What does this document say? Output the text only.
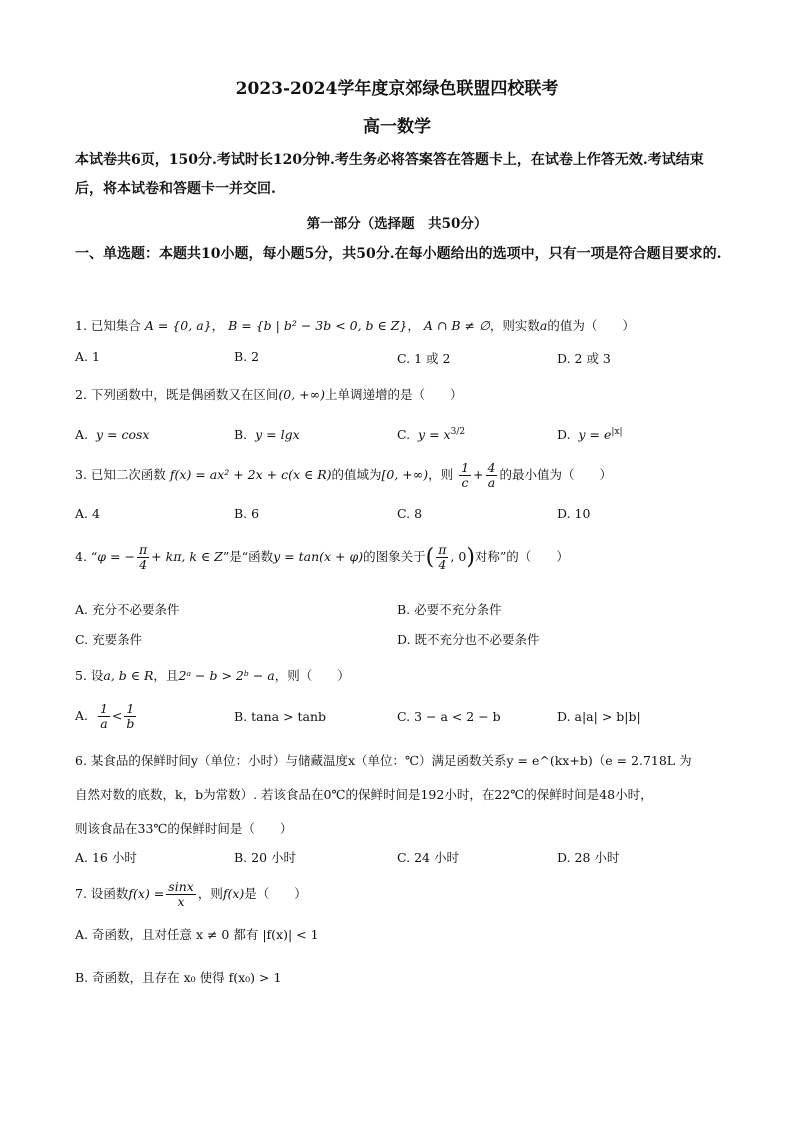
2023-2024学年度京郊绿色联盟四校联考
高一数学
本试卷共6页，150分.考试时长120分钟.考生务必将答案答在答题卡上，在试卷上作答无效.考试结束后，将本试卷和答题卡一并交回.
第一部分（选择题　共50分）
一、单选题：本题共10小题，每小题5分，共50分.在每小题给出的选项中，只有一项是符合题目要求的.
1. 已知集合 A = {0, a}， B = {b | b² − 3b < 0, b ∈ Z}， A ∩ B ≠ ∅，则实数a的值为（　　）
A. 1	B. 2	C. 1 或 2	D. 2 或 3
2. 下列函数中，既是偶函数又在区间(0, +∞)上单调递增的是（　　）
A. y = cosx	B. y = lgx	C. $y = x^{3/2}$	D. $y = e^{|x|}$
3. 已知二次函数 f(x) = ax² + 2x + c(x ∈ R)的值域为[0, +∞)，则 $\frac{1}{c} + \frac{4}{a}$ 的最小值为（　　）
A. 4	B. 6	C. 8	D. 10
4. “φ = − $\frac{\pi}{4} + k\pi$, k ∈ Z”是“函数y = tan(x + φ)的图象关于( $\frac{\pi}{4}$ , 0)对称”的（　　）
A. 充分不必要条件	B. 必要不充分条件
C. 充要条件	D. 既不充分也不必要条件
5. 设a, b ∈ R，且2ᵃ − b > 2ᵇ − a，则（　　）
A. $\frac{1}{a} < \frac{1}{b}$	B. tana > tanb	C. 3 − a < 2 − b	D. a|a| > b|b|
6. 某食品的保鲜时间y（单位：小时）与储藏温度x（单位：℃）满足函数关系y = e^(kx+b)（e = 2.718L 为
自然对数的底数，k，b为常数）. 若该食品在0℃的保鲜时间是192小时，在22℃的保鲜时间是48小时，
则该食品在33℃的保鲜时间是（　　）
A. 16 小时	B. 20 小时	C. 24 小时	D. 28 小时
7. 设函数$f(x) = \frac{\sin x}{x}$ ，则f(x)是（　　）
A. 奇函数，且对任意 x ≠ 0 都有 |f(x)| < 1
B. 奇函数，且存在 x₀ 使得 f(x₀) > 1
